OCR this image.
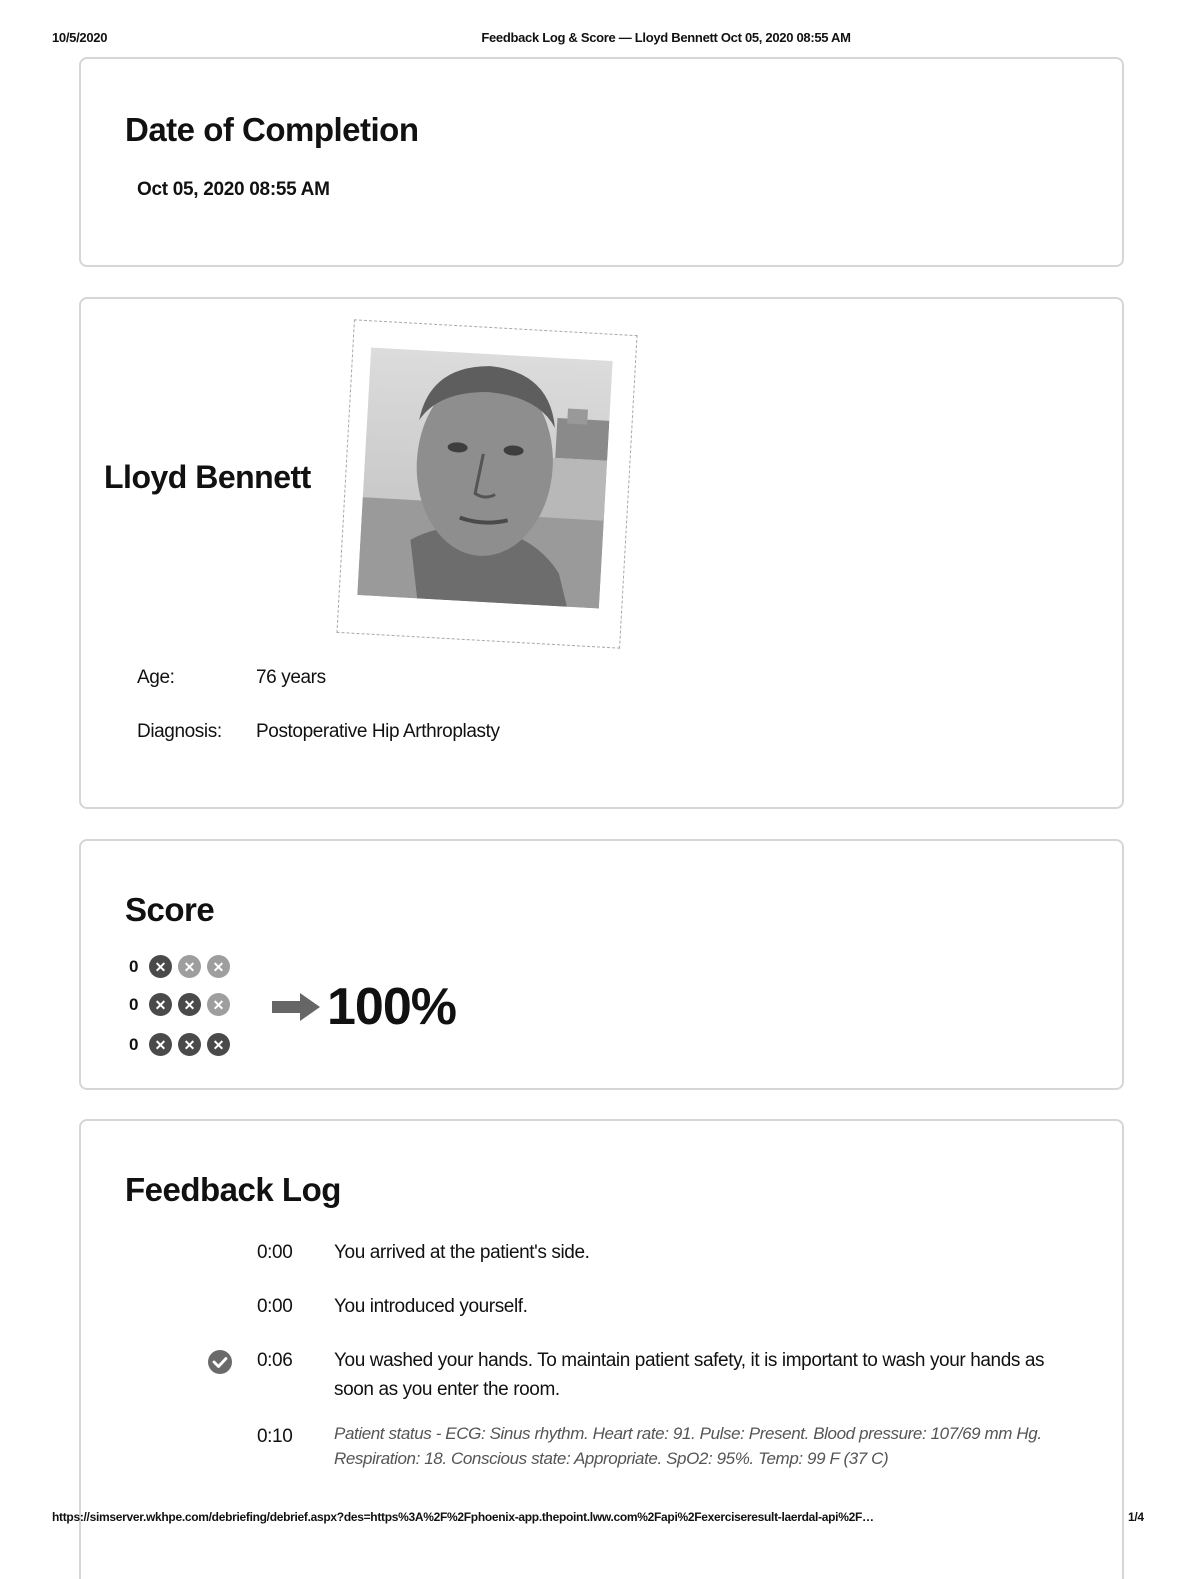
10/5/2020	Feedback Log & Score — Lloyd Bennett Oct 05, 2020 08:55 AM
Date of Completion
Oct 05, 2020 08:55 AM
Lloyd Bennett
Age:	76 years
Diagnosis: Postoperative Hip Arthroplasty
Score
0	✕	✕	✕
0	✕	✕	✕
0	✕	✕	✕
100%
Feedback Log
0:00 You arrived at the patient's side.
0:00 You introduced yourself.
0:06 You washed your hands. To maintain patient safety, it is important to wash your hands as soon as you enter the room.
0:10 Patient status - ECG: Sinus rhythm. Heart rate: 91. Pulse: Present. Blood pressure: 107/69 mm Hg. Respiration: 18. Conscious state: Appropriate. SpO2: 95%. Temp: 99 F (37 C)
https://simserver.wkhpe.com/debriefing/debrief.aspx?des=https%3A%2F%2Fphoenix-app.thepoint.lww.com%2Fapi%2Fexerciseresult-laerdal-api%2F…	1/4
